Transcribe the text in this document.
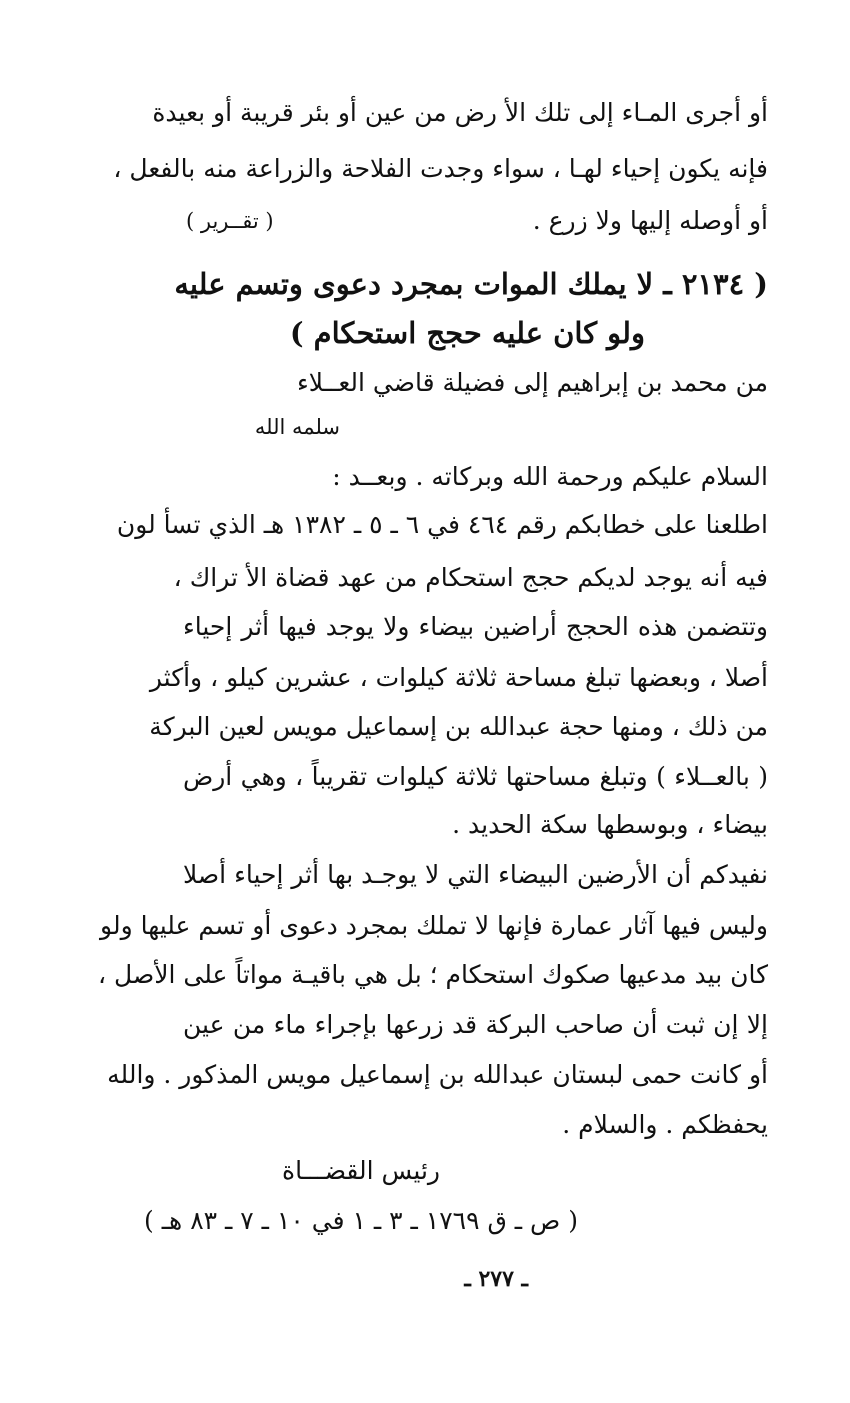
أو أجرى المـاء إلى تلك الأ رض من عين أو بئر قريبة أو بعيدة
فإنه يكون إحياء لهـا ، سواء وجدت الفلاحة والزراعة منه بالفعل ،
أو أوصله إليها ولا زرع .
( تقــرير )
( ٢١٣٤ ـ لا يملك الموات بمجرد دعوى وتسم عليه
ولو كان عليه حجج استحكام )
من محمد بن إبراهيم إلى فضيلة قاضي العــلاء
سلمه الله
السلام عليكم ورحمة الله وبركاته . وبعــد :
اطلعنا على خطابكم رقم ٤٦٤ في ٦ ـ ٥ ـ ١٣٨٢ هـ الذي تسأ لون
فيه أنه يوجد لديكم حجج استحكام من عهد قضاة الأ تراك ،
وتتضمن هذه الحجج أراضين بيضاء ولا يوجد فيها أثر إحياء
أصلا ، وبعضها تبلغ مساحة ثلاثة كيلوات ، عشرين كيلو ، وأكثر
من ذلك ، ومنها حجة عبدالله بن إسماعيل مويس لعين البركة
( بالعــلاء ) وتبلغ مساحتها ثلاثة كيلوات تقريباً ، وهي أرض
بيضاء ، وبوسطها سكة الحديد .
نفيدكم أن الأرضين البيضاء التي لا يوجـد بها أثر إحياء أصلا
وليس فيها آثار عمارة فإنها لا تملك بمجرد دعوى أو تسم عليها ولو
كان بيد مدعيها صكوك استحكام ؛ بل هي باقيـة مواتاً على الأصل ،
إلا إن ثبت أن صاحب البركة قد زرعها بإجراء ماء من عين
أو كانت حمى لبستان عبدالله بن إسماعيل مويس المذكور . والله
يحفظكم . والسلام .
رئيس القضـــاة
( ص ـ ق ١٧٦٩ ـ ٣ ـ ١ في ١٠ ـ ٧ ـ ٨٣ هـ )
ـ ٢٧٧ ـ
